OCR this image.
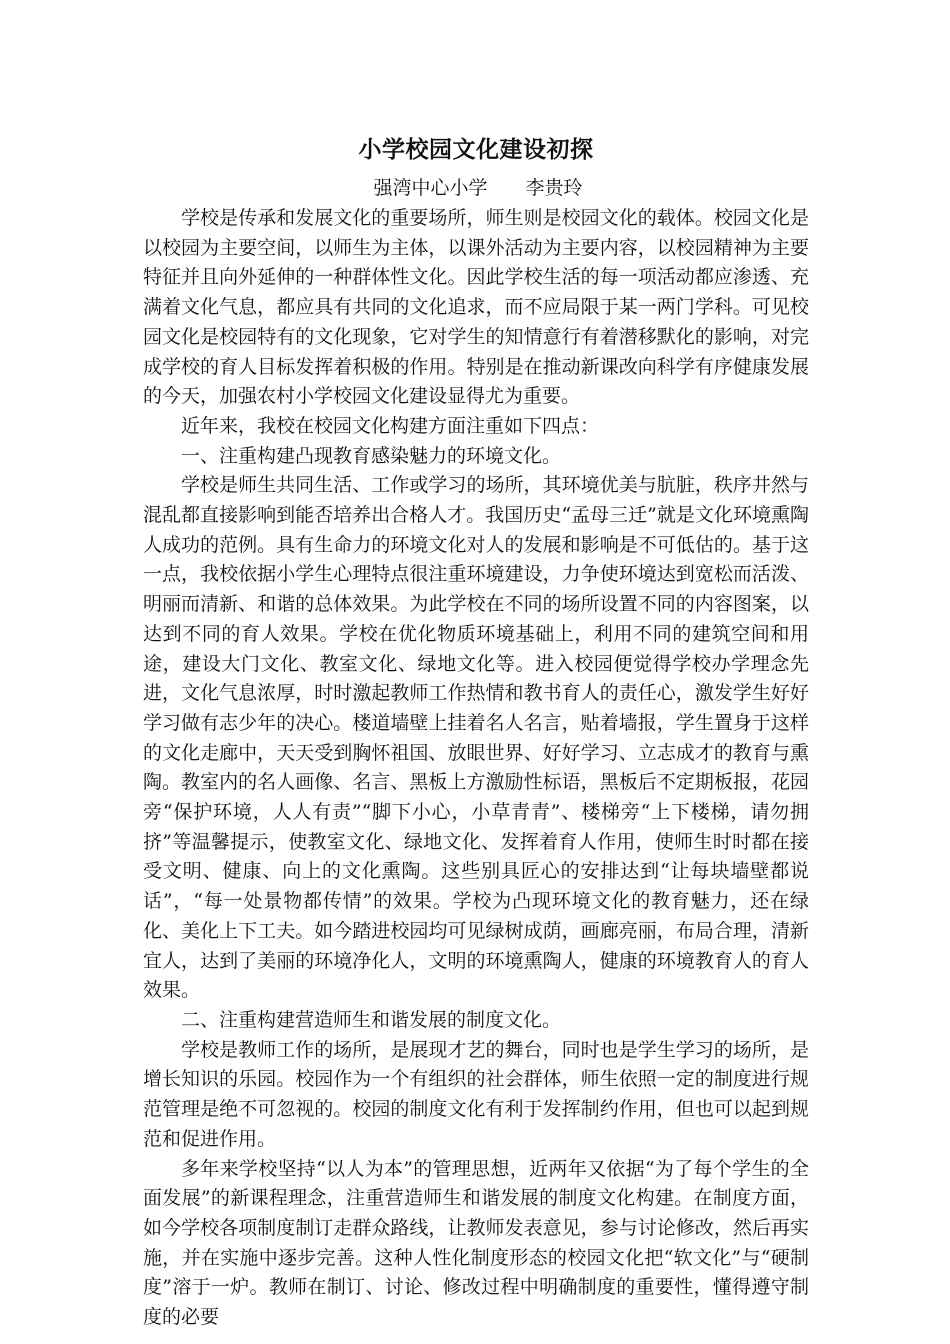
小学校园文化建设初探
强湾中心小学 李贵玲

学校是传承和发展文化的重要场所，师生则是校园文化的载体。校园文化是以校园为主要空间，以师生为主体，以课外活动为主要内容，以校园精神为主要特征并且向外延伸的一种群体性文化。因此学校生活的每一项活动都应渗透、充满着文化气息，都应具有共同的文化追求，而不应局限于某一两门学科。可见校园文化是校园特有的文化现象，它对学生的知情意行有着潜移默化的影响，对完成学校的育人目标发挥着积极的作用。特别是在推动新课改向科学有序健康发展的今天，加强农村小学校园文化建设显得尤为重要。

近年来，我校在校园文化构建方面注重如下四点：

一、注重构建凸现教育感染魅力的环境文化。

学校是师生共同生活、工作或学习的场所，其环境优美与肮脏，秩序井然与混乱都直接影响到能否培养出合格人才。我国历史“孟母三迁”就是文化环境熏陶人成功的范例。具有生命力的环境文化对人的发展和影响是不可低估的。基于这一点，我校依据小学生心理特点很注重环境建设，力争使环境达到宽松而活泼、明丽而清新、和谐的总体效果。为此学校在不同的场所设置不同的内容图案，以达到不同的育人效果。学校在优化物质环境基础上，利用不同的建筑空间和用途，建设大门文化、教室文化、绿地文化等。进入校园便觉得学校办学理念先进，文化气息浓厚，时时激起教师工作热情和教书育人的责任心，激发学生好好学习做有志少年的决心。楼道墙壁上挂着名人名言，贴着墙报，学生置身于这样的文化走廊中，天天受到胸怀祖国、放眼世界、好好学习、立志成才的教育与熏陶。教室内的名人画像、名言、黑板上方激励性标语，黑板后不定期板报，花园旁“保护环境，人人有责”“脚下小心，小草青青”、楼梯旁“上下楼梯，请勿拥挤”等温馨提示，使教室文化、绿地文化、发挥着育人作用，使师生时时都在接受文明、健康、向上的文化熏陶。这些别具匠心的安排达到“让每块墙壁都说话”，“每一处景物都传情”的效果。学校为凸现环境文化的教育魅力，还在绿化、美化上下工夫。如今踏进校园均可见绿树成荫，画廊亮丽，布局合理，清新宜人，达到了美丽的环境净化人，文明的环境熏陶人，健康的环境教育人的育人效果。

二、注重构建营造师生和谐发展的制度文化。

学校是教师工作的场所，是展现才艺的舞台，同时也是学生学习的场所，是增长知识的乐园。校园作为一个有组织的社会群体，师生依照一定的制度进行规范管理是绝不可忽视的。校园的制度文化有利于发挥制约作用，但也可以起到规范和促进作用。

多年来学校坚持“以人为本”的管理思想，近两年又依据“为了每个学生的全面发展”的新课程理念，注重营造师生和谐发展的制度文化构建。在制度方面，如今学校各项制度制订走群众路线，让教师发表意见，参与讨论修改，然后再实施，并在实施中逐步完善。这种人性化制度形态的校园文化把“软文化”与“硬制度”溶于一炉。教师在制订、讨论、修改过程中明确制度的重要性，懂得遵守制度的必要
